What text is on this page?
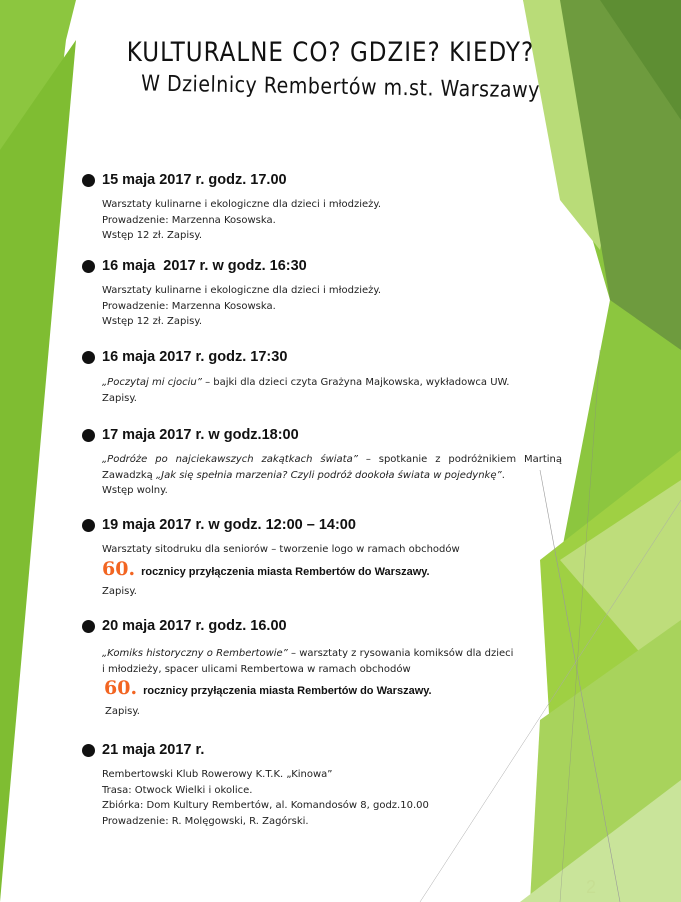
KULTURALNE CO? GDZIE? KIEDY?
W Dzielnicy Rembertów m.st. Warszawy
15 maja 2017 r. godz. 17.00
Warsztaty kulinarne i ekologiczne dla dzieci i młodzieży.
Prowadzenie: Marzenna Kosowska.
Wstęp 12 zł. Zapisy.
16 maja  2017 r. w godz. 16:30
Warsztaty kulinarne i ekologiczne dla dzieci i młodzieży.
Prowadzenie: Marzenna Kosowska.
Wstęp 12 zł. Zapisy.
16 maja 2017 r. godz. 17:30
„Poczytaj mi cjociu” – bajki dla dzieci czyta Grażyna Majkowska, wykładowca UW.
Zapisy.
17 maja 2017 r. w godz.18:00
„Podróże po najciekawszych zakątkach świata” – spotkanie z podróżnikiem Martiną
Zawadzką „Jak się spełnia marzenia? Czyli podróż dookoła świata w pojedynkę”.
Wstęp wolny.
19 maja 2017 r. w godz. 12:00 – 14:00
Warsztaty sitodruku dla seniorów – tworzenie logo w ramach obchodów
60. rocznicy przyłączenia miasta Rembertów do Warszawy.
Zapisy.
20 maja 2017 r. godz. 16.00
„Komiks historyczny o Rembertowie” – warsztaty z rysowania komiksów dla dzieci
i młodzieży, spacer ulicami Rembertowa w ramach obchodów
60. rocznicy przyłączenia miasta Rembertów do Warszawy.
Zapisy.
21 maja 2017 r.
Rembertowski Klub Rowerowy K.T.K. „Kinowa”
Trasa: Otwock Wielki i okolice.
Zbiórka: Dom Kultury Rembertów, al. Komandosów 8, godz.10.00
Prowadzenie: R. Molęgowski, R. Zagórski.
2
